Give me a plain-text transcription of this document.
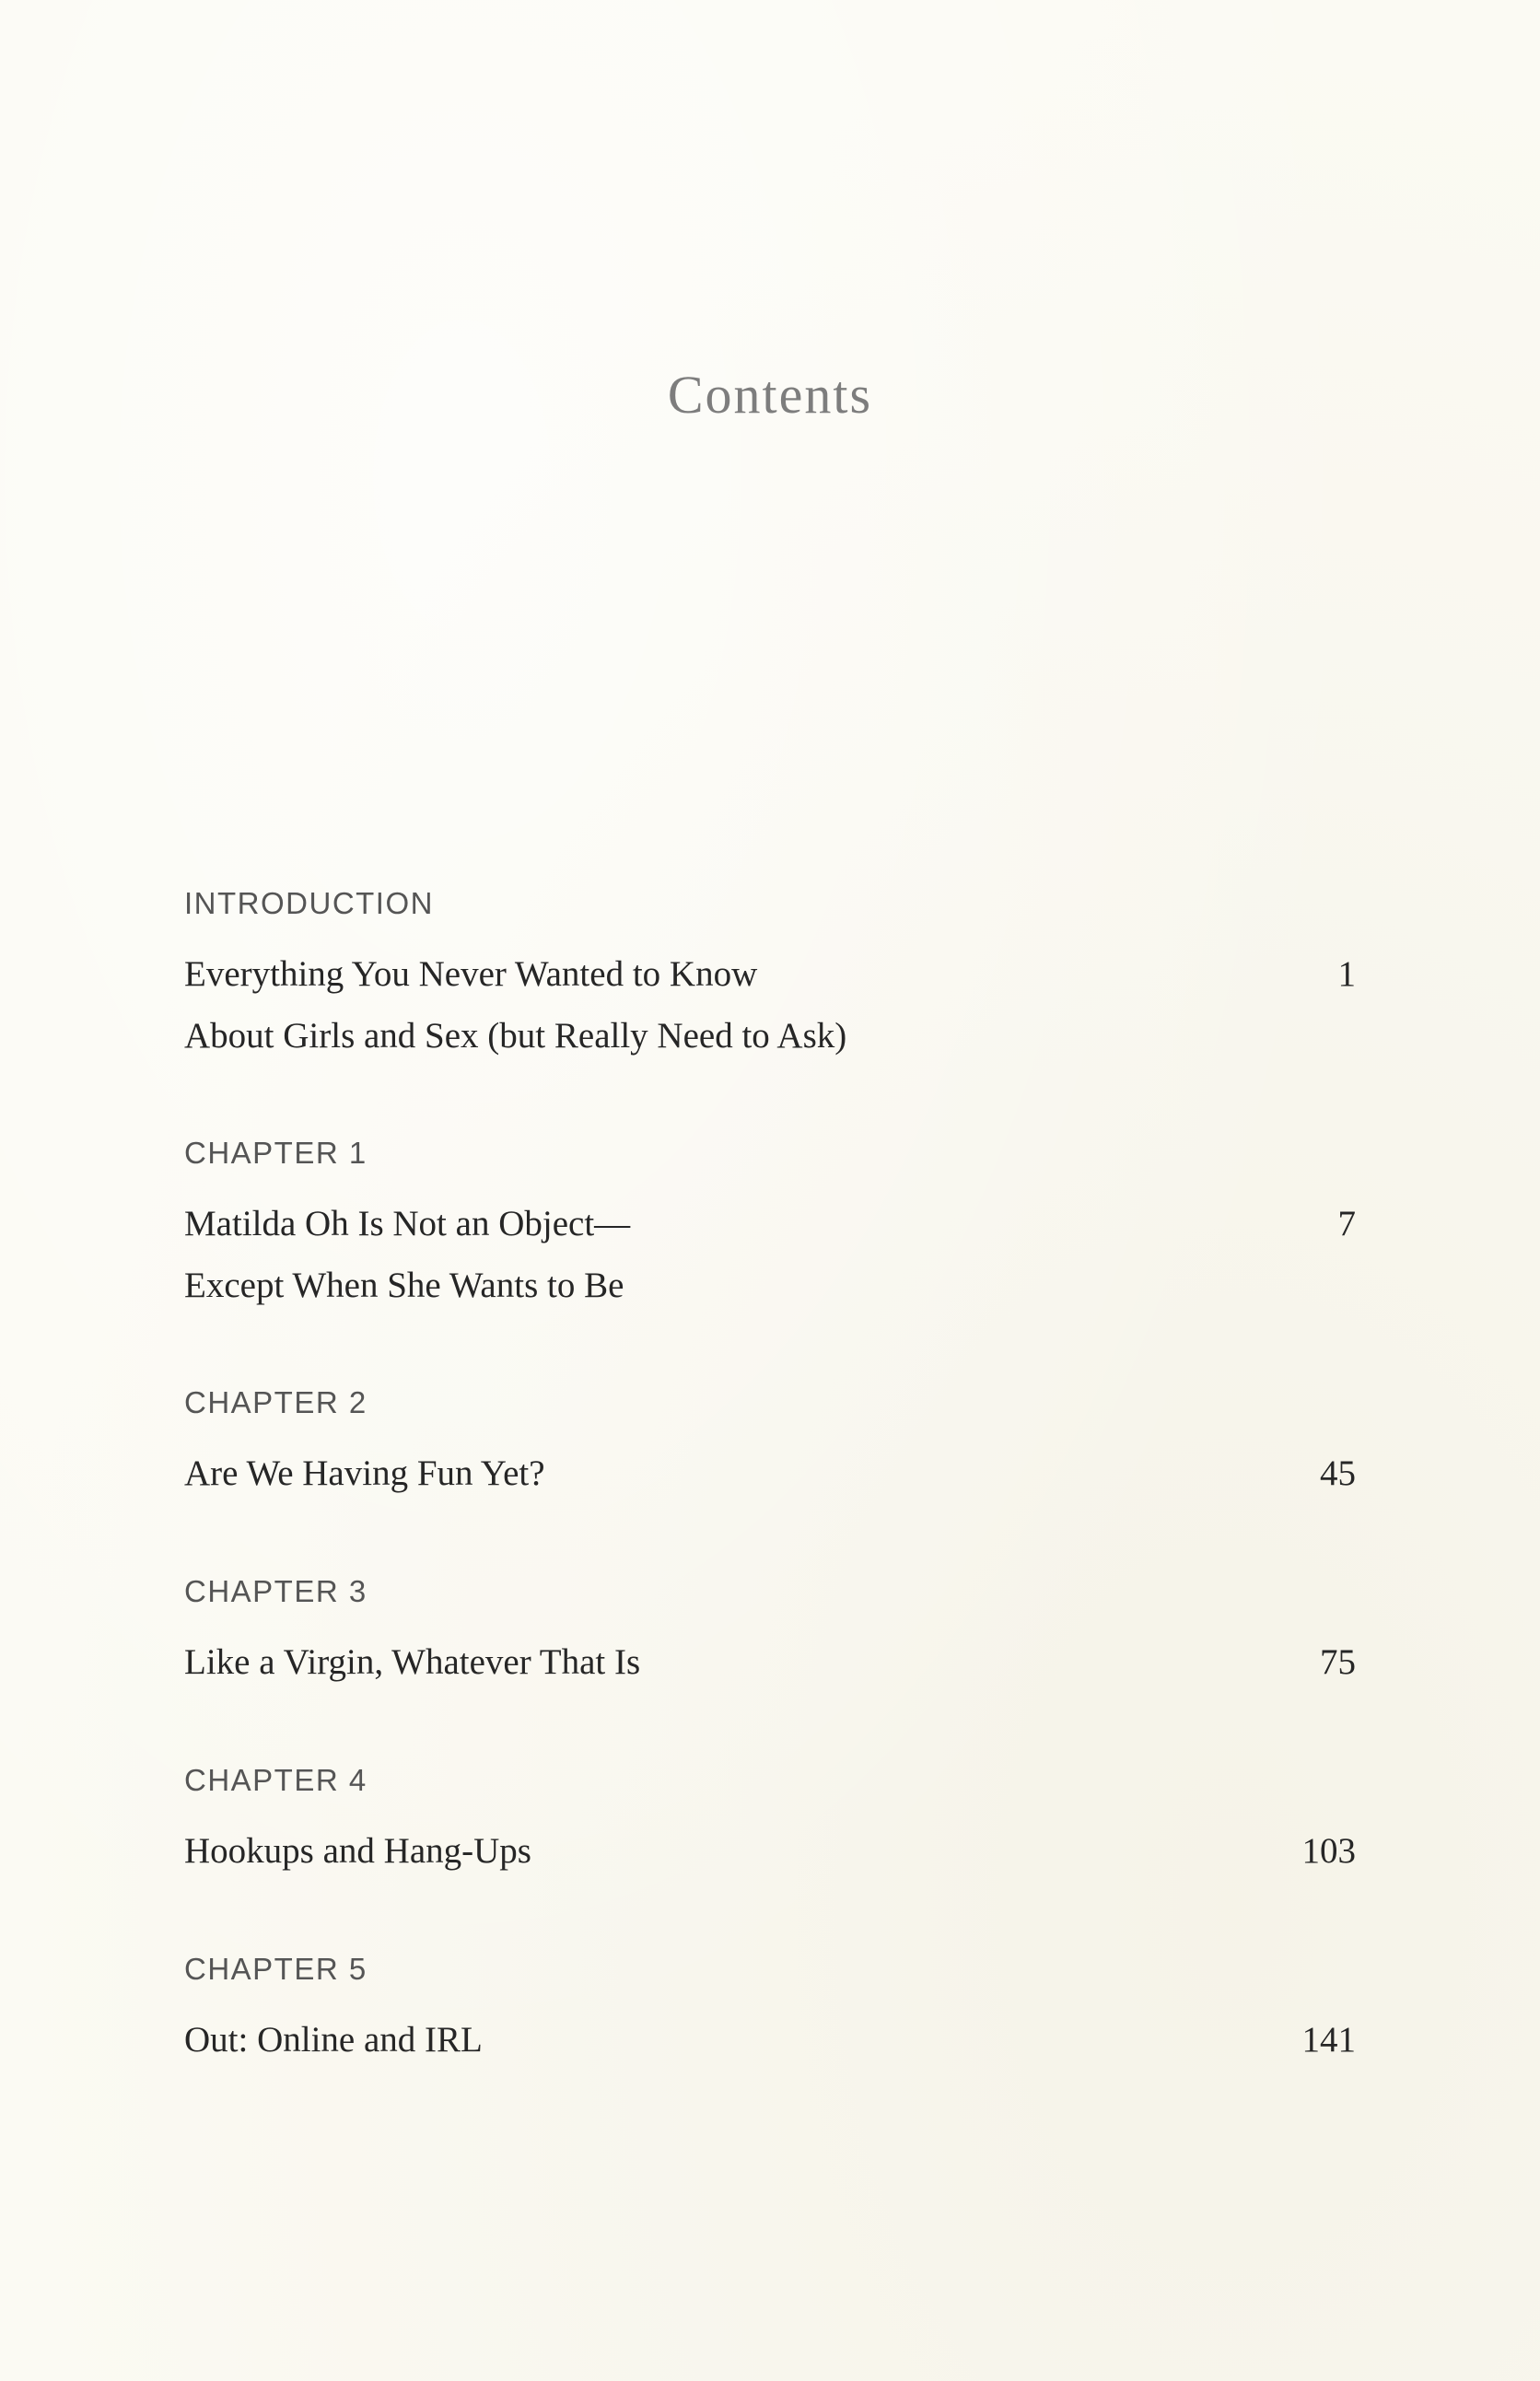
Contents
INTRODUCTION
Everything You Never Wanted to Know	1
About Girls and Sex (but Really Need to Ask)
CHAPTER 1
Matilda Oh Is Not an Object—	7
Except When She Wants to Be
CHAPTER 2
Are We Having Fun Yet?	45
CHAPTER 3
Like a Virgin, Whatever That Is	75
CHAPTER 4
Hookups and Hang-Ups	103
CHAPTER 5
Out: Online and IRL	141
